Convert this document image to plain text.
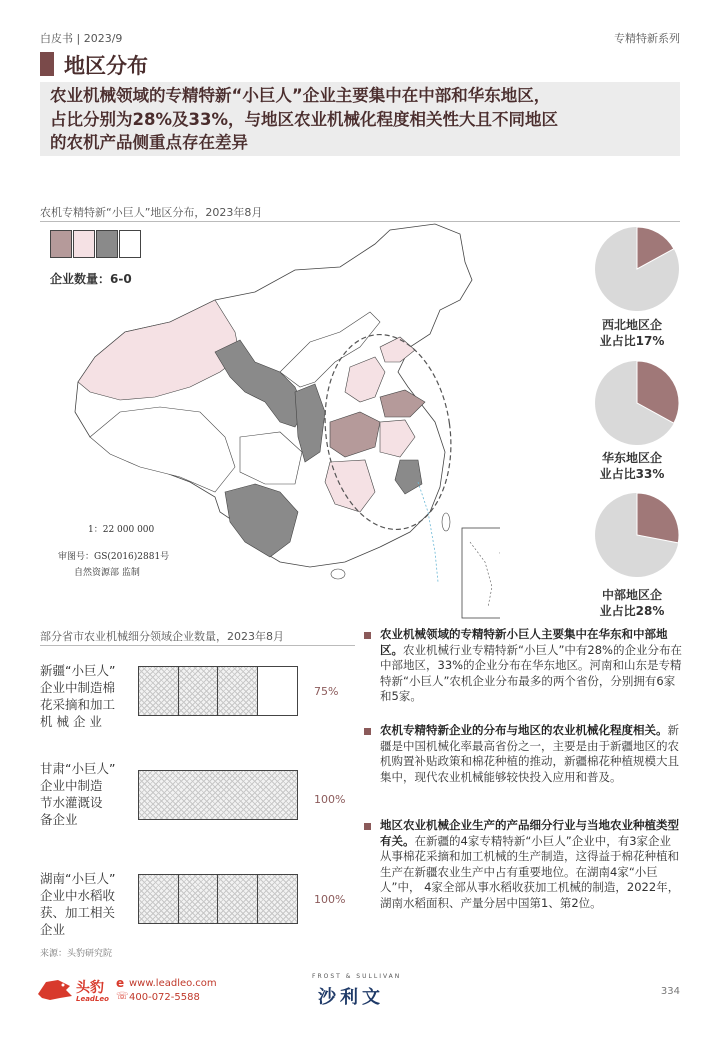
白皮书 | 2023/9	专精特新系列
地区分布
农业机械领域的专精特新“小巨人”企业主要集中在中部和华东地区，
占比分别为28%及33%，与地区农业机械化程度相关性大且不同地区
的农机产品侧重点存在差异
农机专精特新“小巨人”地区分布，2023年8月
企业数量：6-0
1：22 000 000
审图号：GS(2016)2881号
自然资源部 监制
西北地区企
业占比17%
华东地区企
业占比33%
中部地区企
业占比28%
部分省市农业机械细分领域企业数量，2023年8月
新疆“小巨人”
企业中制造棉
花采摘和加工
机 械 企 业
75%
甘肃“小巨人”
企业中制造
节水灌溉设
备企业
100%
湖南“小巨人”
企业中水稻收
获、加工相关
企业
100%
农业机械领域的专精特新小巨人主要集中在华东和中部地区。农业机械行业专精特新“小巨人”中有28%的企业分布在中部地区，33%的企业分布在华东地区。河南和山东是专精特新“小巨人”农机企业分布最多的两个省份，分别拥有6家和5家。
农机专精特新企业的分布与地区的农业机械化程度相关。新疆是中国机械化率最高省份之一，主要是由于新疆地区的农机购置补贴政策和棉花种植的推动，新疆棉花种植规模大且集中，现代农业机械能够较快投入应用和普及。
地区农业机械企业生产的产品细分行业与当地农业种植类型有关。在新疆的4家专精特新“小巨人”企业中，有3家企业从事棉花采摘和加工机械的生产制造，这得益于棉花种植和生产在新疆农业生产中占有重要地位。在湖南4家“小巨人”中， 4家全部从事水稻收获加工机械的制造，2022年，湖南水稻面积、产量分居中国第1、第2位。
来源：头豹研究院
头豹
LeadLeo
e www.leadleo.com
☏ 400-072-5588
FROST & SULLIVAN
沙利文	334
